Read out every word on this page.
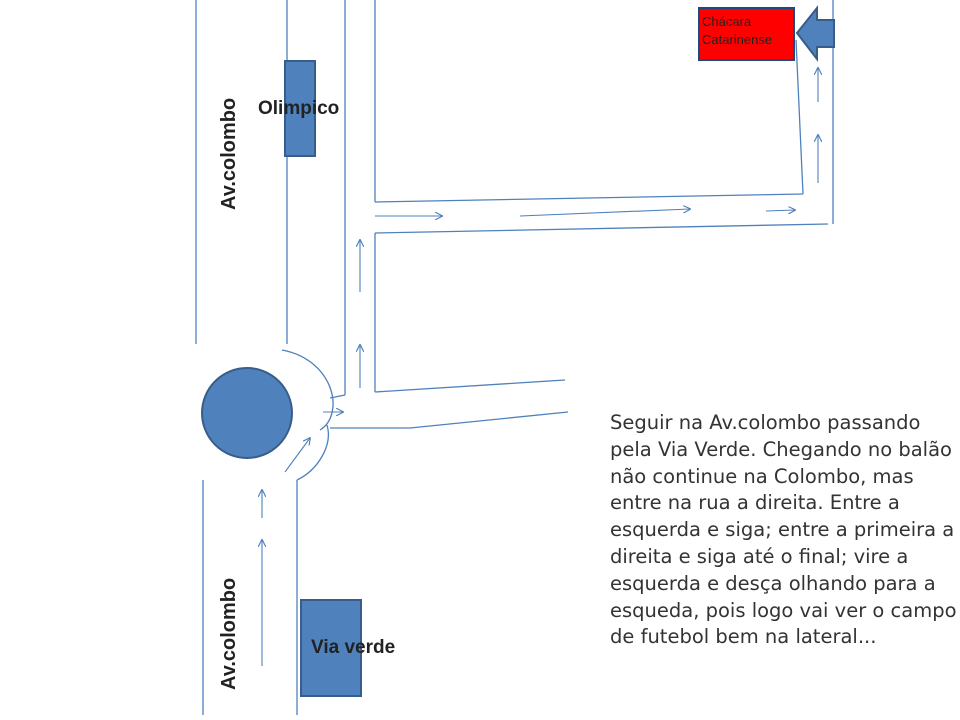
Av.colombo
Av.colombo
Olimpico
Via verde
Chácara
Catarinense

Seguir na Av.colombo passando pela Via Verde. Chegando no balão não continue na Colombo, mas entre na rua a direita. Entre a esquerda e siga; entre a primeira a direita e siga até o final; vire a esquerda e desça olhando para a esqueda, pois logo vai ver o campo de futebol bem na lateral...
